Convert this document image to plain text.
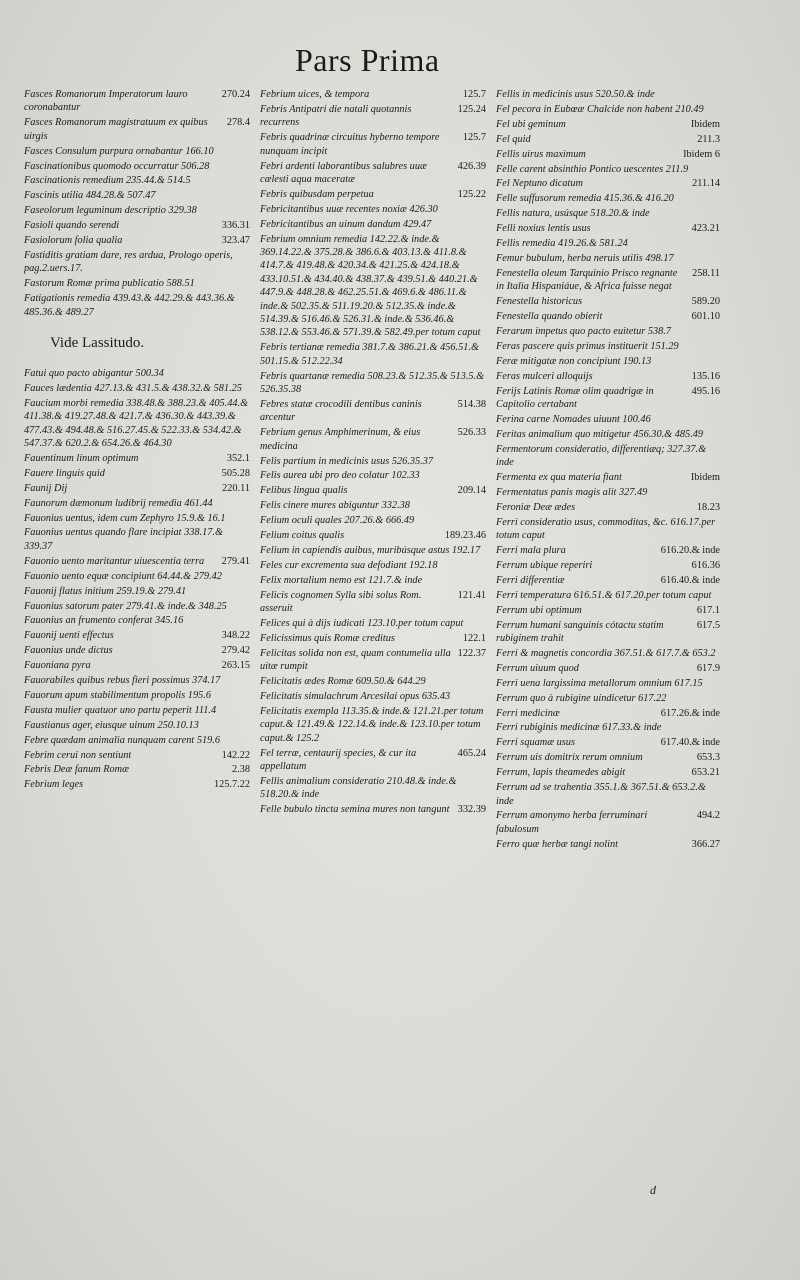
Pars Prima
270.24
Fasces Romanorum Imperatorum lauro coronabantur
278.4
Fasces Romanorum magistratuum ex quibus uirgis
Fasces Consulum purpura ornabantur 166.10
Fascinationibus quomodo occurratur 506.28
Fascinationis remedium 235.44.& 514.5
Fascinis utilia 484.28.& 507.47
Faseolorum leguminum descriptio 329.38
336.31
Fasioli quando serendi
323.47
Fasiolorum folia qualia
Fastiditis gratiam dare, res ardua, Prologo operis, pag.2.uers.17.
Fastorum Romæ prima publicatio 588.51
Fatigationis remedia 439.43.& 442.29.& 443.36.& 485.36.& 489.27
Vide Lassitudo.
Fatui quo pacto abigantur 500.34
Fauces lædentia 427.13.& 431.5.& 438.32.& 581.25
Faucium morbi remedia 338.48.& 388.23.& 405.44.& 411.38.& 419.27.48.& 421.7.& 436.30.& 443.39.& 477.43.& 494.48.& 516.27.45.& 522.33.& 534.42.& 547.37.& 620.2.& 654.26.& 464.30
352.1
Fauentinum linum optimum
505.28
Fauere linguis quid
220.11
Faunij Dij
Faunorum dæmonum ludibrij remedia 461.44
Fauonius uentus, idem cum Zephyro 15.9.& 16.1
Fauonius uentus quando flare incipiat 338.17.& 339.37
279.41
Fauonio uento maritantur uiuescentia terra
Fauonio uento equæ concipiunt 64.44.& 279.42
Fauonij flatus initium 259.19.& 279.41
Fauonius satorum pater 279.41.& inde.& 348.25
Fauonius an frumento conferat 345.16
348.22
Fauonij uenti effectus
279.42
Fauonius unde dictus
263.15
Fauoniana pyra
Fauorabiles quibus rebus fieri possimus 374.17
Fauorum apum stabilimentum propolis 195.6
Fausta mulier quatuor uno partu peperit 111.4
Faustianus ager, eiusque uinum 250.10.13
Febre quædam animalia nunquam carent 519.6
142.22
Febrim cerui non sentiunt
2.38
Febris Deæ fanum Romæ
125.7.22
Febrium leges
125.7
Febrium uices, & tempora
125.24
Febris Antipatri die natali quotannis recurrens
125.7
Febris quadrinæ circuitus hyberno tempore nunquam incipit
426.39
Febri ardenti laborantibus salubres uuæ cælesti aqua maceratæ
125.22
Febris quibusdam perpetua
Febricitantibus uuæ recentes noxiæ 426.30
Febricitantibus an uinum dandum 429.47
Febrium omnium remedia 142.22.& inde.& 369.14.22.& 375.28.& 386.6.& 403.13.& 411.8.& 414.7.& 419.48.& 420.34.& 421.25.& 424.18.& 433.10.51.& 434.40.& 438.37.& 439.51.& 440.21.& 447.9.& 448.28.& 462.25.51.& 469.6.& 486.11.& inde.& 502.35.& 511.19.20.& 512.35.& inde.& 514.39.& 516.46.& 526.31.& inde.& 536.46.& 538.12.& 553.46.& 571.39.& 582.49.per totum caput
Febris tertianæ remedia 381.7.& 386.21.& 456.51.& 501.15.& 512.22.34
Febris quartanæ remedia 508.23.& 512.35.& 513.5.& 526.35.38
514.38
Febres statæ crocodili dentibus caninis arcentur
526.33
Febrium genus Amphimerinum, & eius medicina
Felis partium in medicinis usus 526.35.37
Felis aurea ubi pro deo colatur 102.33
209.14
Felibus lingua qualis
Felis cinere mures abiguntur 332.38
Felium oculi quales 207.26.& 666.49
189.23.46
Felium coitus qualis
Felium in capiendis auibus, muribúsque astus 192.17
Feles cur excrementa sua defodiant 192.18
Felix mortalium nemo est 121.7.& inde
121.41
Felicis cognomen Sylla sibi solus Rom. asseruit
Felices qui à dijs iudicati 123.10.per totum caput
122.1
Felicissimus quis Romæ creditus
122.37
Felicitas solida non est, quam contumelia ulla uitæ rumpit
Felicitatis ædes Romæ 609.50.& 644.29
Felicitatis simulachrum Arcesilai opus 635.43
Felicitatis exempla 113.35.& inde.& 121.21.per totum caput.& 121.49.& 122.14.& inde.& 123.10.per totum caput.& 125.2
465.24
Fel terræ, centaurij species, & cur ita appellatum
Fellis animalium consideratio 210.48.& inde.& 518.20.& inde
332.39
Felle bubulo tincta semina mures non tangunt
Fellis in medicinis usus 520.50.& inde
Fel pecora in Eubœæ Chalcide non habent 210.49
Ibidem
Fel ubi geminum
211.3
Fel quid
Ibidem 6
Fellis uirus maximum
Felle carent absinthio Pontico uescentes 211.9
211.14
Fel Neptuno dicatum
Felle suffusorum remedia 415.36.& 416.20
Fellis natura, usúsque 518.20.& inde
423.21
Felli noxius lentis usus
Fellis remedia 419.26.& 581.24
Femur bubulum, herba neruis utilis 498.17
258.11
Fenestella oleum Tarquinio Prisco regnante in Italia Hispaniáue, & Africa fuisse negat
589.20
Fenestella historicus
601.10
Fenestella quando obierit
Ferarum impetus quo pacto euitetur 538.7
Feras pascere quis primus instituerit 151.29
Feræ mitigatæ non concipiunt 190.13
135.16
Feras mulceri alloquijs
495.16
Ferijs Latinis Romæ olim quadrigæ in Capitolio certabant
Ferina carne Nomades uiuunt 100.46
Feritas animalium quo mitigetur 456.30.& 485.49
Fermentorum consideratio, differentiæq; 327.37.& inde
Ibidem
Fermenta ex qua materia fiant
Fermentatus panis magis alit 327.49
18.23
Feroniæ Deæ ædes
Ferri consideratio usus, commoditas, &c. 616.17.per totum caput
616.20.& inde
Ferri mala plura
616.36
Ferrum ubique reperiri
616.40.& inde
Ferri differentiæ
Ferri temperatura 616.51.& 617.20.per totum caput
617.1
Ferrum ubi optimum
617.5
Ferrum humani sanguinis cótactu statim rubiginem trahit
Ferri & magnetis concordia 367.51.& 617.7.& 653.2
617.9
Ferrum uiuum quod
Ferri uena largissima metallorum omnium 617.15
Ferrum quo à rubigine uindicetur 617.22
617.26.& inde
Ferri medicinæ
Ferri rubiginis medicinæ 617.33.& inde
617.40.& inde
Ferri squamæ usus
653.3
Ferrum uis domitrix rerum omnium
653.21
Ferrum, lapis theamedes abigit
Ferrum ad se trahentia 355.1.& 367.51.& 653.2.& inde
494.2
Ferrum amonymo herba ferruminari fabulosum
366.27
Ferro quæ herbæ tangi nolint
d
